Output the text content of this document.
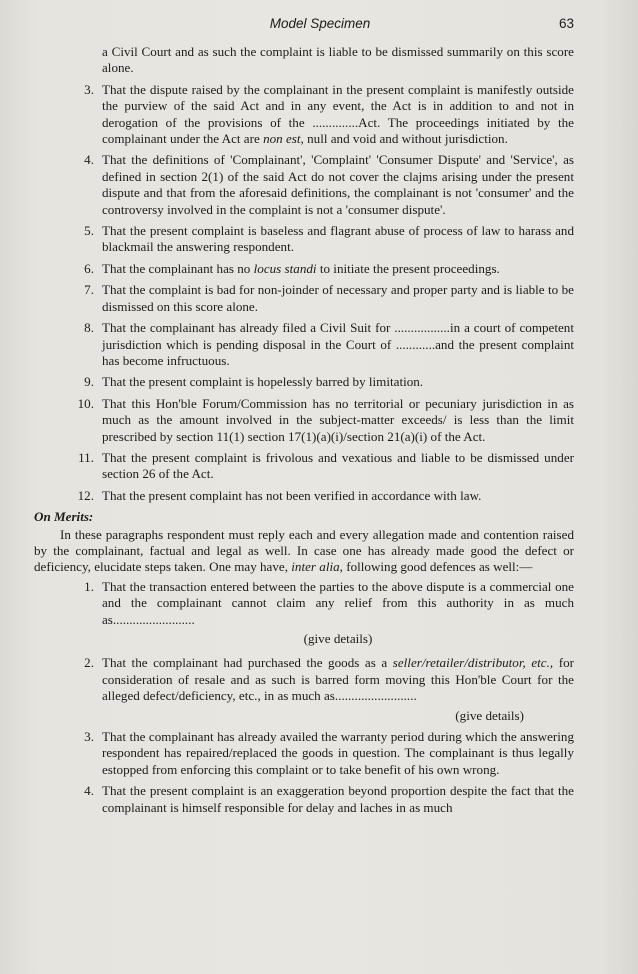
Model Specimen	63
a Civil Court and as such the complaint is liable to be dismissed summarily on this score alone.
3. That the dispute raised by the complainant in the present complaint is manifestly outside the purview of the said Act and in any event, the Act is in addition to and not in derogation of the provisions of the ..............Act. The proceedings initiated by the complainant under the Act are non est, null and void and without jurisdiction.
4. That the definitions of 'Complainant', 'Complaint' 'Consumer Dispute' and 'Service', as defined in section 2(1) of the said Act do not cover the clajms arising under the present dispute and that from the aforesaid definitions, the complainant is not 'consumer' and the controversy involved in the complaint is not a 'consumer dispute'.
5. That the present complaint is baseless and flagrant abuse of process of law to harass and blackmail the answering respondent.
6. That the complainant has no locus standi to initiate the present proceedings.
7. That the complaint is bad for non-joinder of necessary and proper party and is liable to be dismissed on this score alone.
8. That the complainant has already filed a Civil Suit for .................in a court of competent jurisdiction which is pending disposal in the Court of ............and the present complaint has become infructuous.
9. That the present complaint is hopelessly barred by limitation.
10. That this Hon'ble Forum/Commission has no territorial or pecuniary jurisdiction in as much as the amount involved in the subject-matter exceeds/ is less than the limit prescribed by section 11(1) section 17(1)(a)(i)/section 21(a)(i) of the Act.
11. That the present complaint is frivolous and vexatious and liable to be dismissed under section 26 of the Act.
12. That the present complaint has not been verified in accordance with law.
On Merits:
In these paragraphs respondent must reply each and every allegation made and contention raised by the complainant, factual and legal as well. In case one has already made good the defect or deficiency, elucidate steps taken. One may have, inter alia, following good defences as well:—
1. That the transaction entered between the parties to the above dispute is a commercial one and the complainant cannot claim any relief from this authority in as much as.........................
(give details)
2. That the complainant had purchased the goods as a seller/retailer/distributor, etc., for consideration of resale and as such is barred form moving this Hon'ble Court for the alleged defect/deficiency, etc., in as much as.........................
(give details)
3. That the complainant has already availed the warranty period during which the answering respondent has repaired/replaced the goods in question. The complainant is thus legally estopped from enforcing this complaint or to take benefit of his own wrong.
4. That the present complaint is an exaggeration beyond proportion despite the fact that the complainant is himself responsible for delay and laches in as much
